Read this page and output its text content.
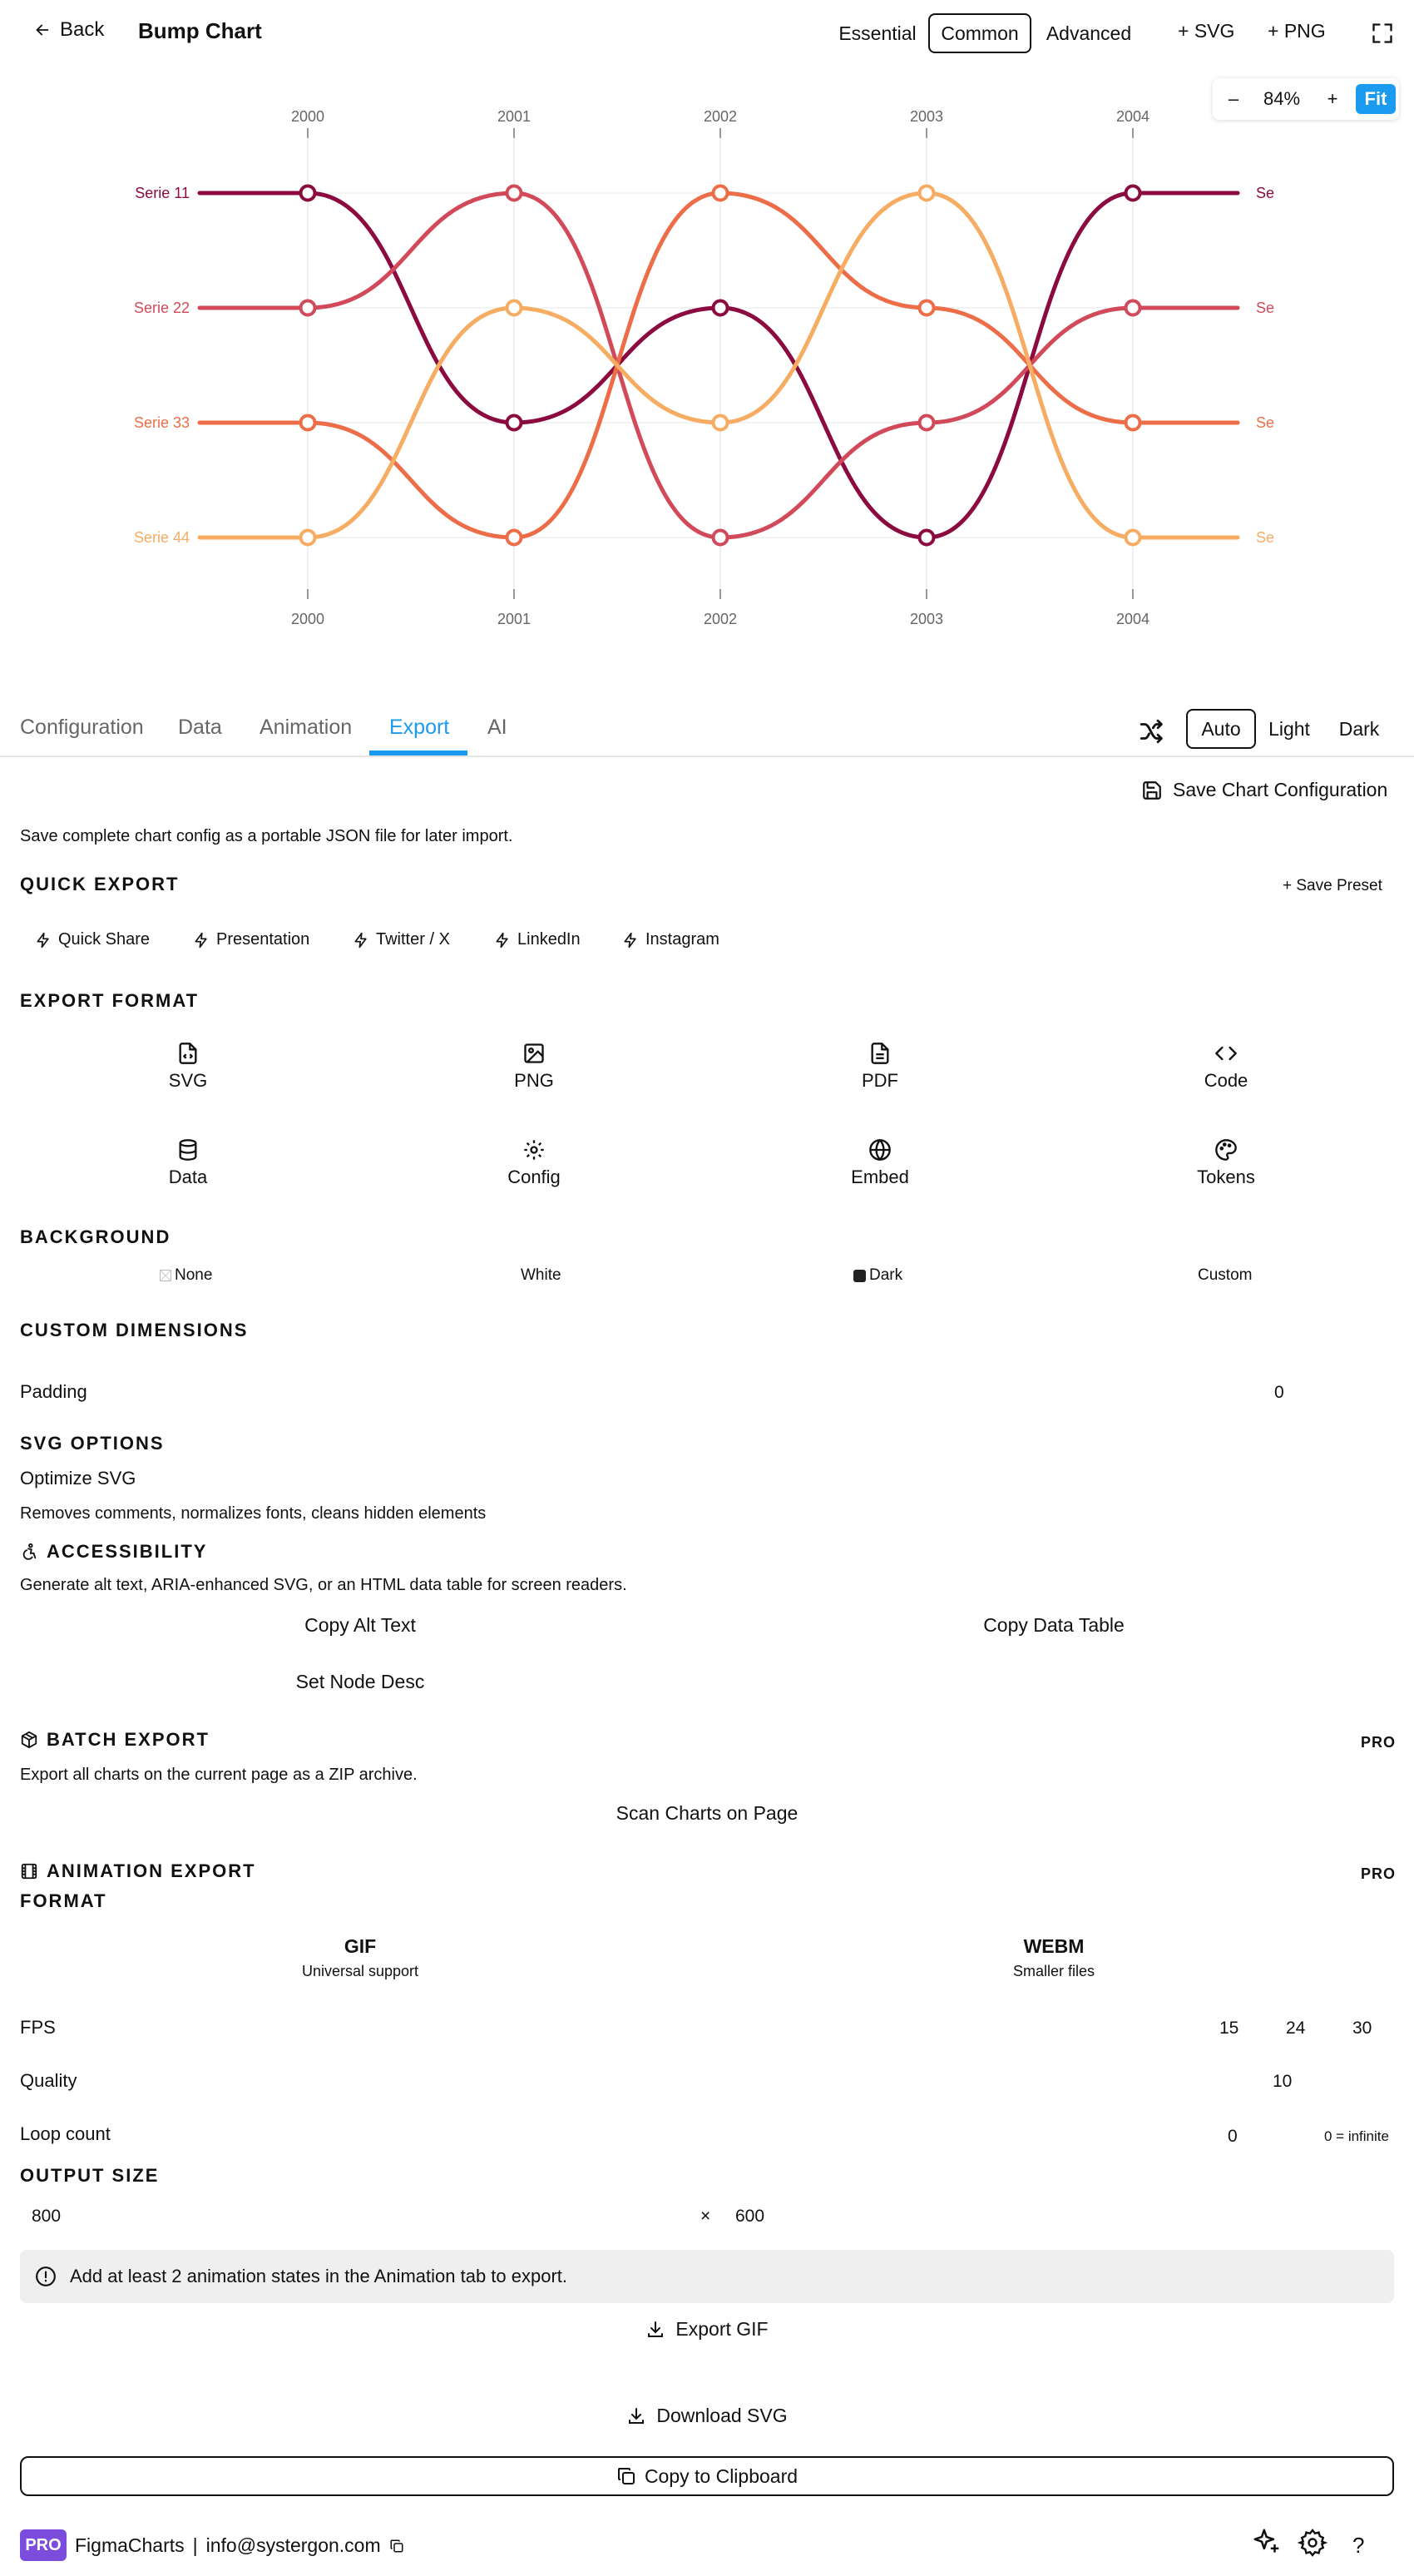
Back Bump Chart	Essential	Common	Advanced	+ SVG + PNG
–	84%	+	Fit
2000
2000
2001
2001
2002
2002
2003
2003
2004
2004
Serie 11	Se
Serie 22	Se
Serie 33	Se
Serie 44	Se
Configuration Data Animation Export AI	Auto	Light Dark
Save Chart Configuration
Save complete chart config as a portable JSON file for later import.
QUICK EXPORT	+ Save Preset
Quick Share	Presentation	Twitter / X	LinkedIn	Instagram
EXPORT FORMAT
SVG	PNG	PDF	Code
Data	Config	Embed	Tokens
BACKGROUND
None	White	Dark	Custom
CUSTOM DIMENSIONS
Padding	0
SVG OPTIONS
Optimize SVG
Removes comments, normalizes fonts, cleans hidden elements
ACCESSIBILITY
Generate alt text, ARIA-enhanced SVG, or an HTML data table for screen readers.
Copy Alt Text	Copy Data Table
Set Node Desc
BATCH EXPORT	PRO
Export all charts on the current page as a ZIP archive.
Scan Charts on Page
ANIMATION EXPORT	PRO
FORMAT
GIF
Universal support
WEBM
Smaller files
FPS	15	24	30
Quality	10
Loop count	0	0 = infinite
OUTPUT SIZE
800	× 600
Add at least 2 animation states in the Animation tab to export.
Export GIF
Download SVG
Copy to Clipboard
PRO FigmaCharts | info@systergon.com	?
